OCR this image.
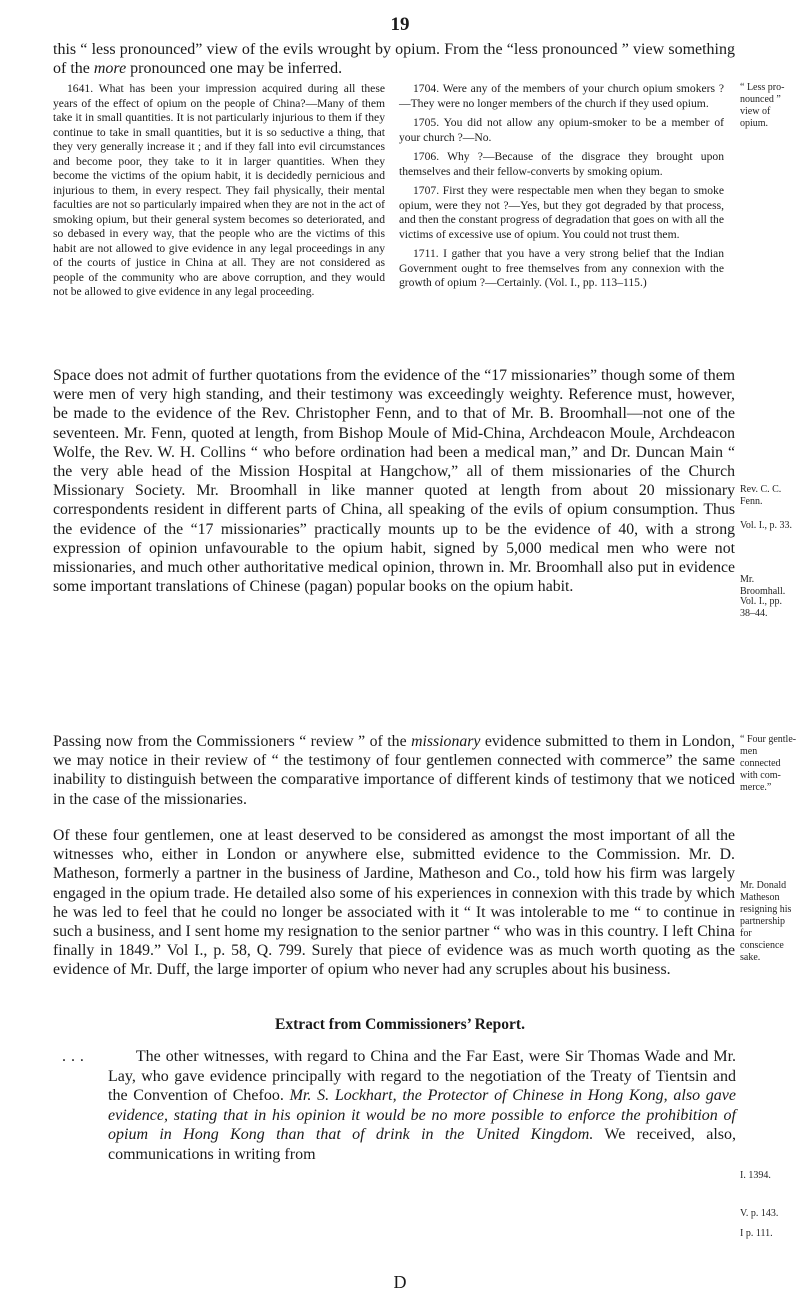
19
this “ less pronounced” view of the evils wrought by opium. From the “less pronounced ” view something of the more pronounced one may be inferred.

1641. What has been your impression acquired during all these years of the effect of opium on the people of China?—Many of them take it in small quantities. It is not particularly injurious to them if they continue to take in small quantities, but it is so seductive a thing, that they very generally increase it ; and if they fall into evil circumstances and become poor, they take to it in larger quantities. When they become the victims of the opium habit, it is decidedly pernicious and injurious to them, in every respect. They fail physically, their mental faculties are not so particularly impaired when they are not in the act of smoking opium, but their general system becomes so deteriorated, and so debased in every way, that the people who are the victims of this habit are not allowed to give evidence in any legal proceedings in any of the courts of justice in China at all. They are not considered as people of the community who are above corruption, and they would not be allowed to give evidence in any legal proceeding.

1704. Were any of the members of your church opium smokers ?—They were no longer members of the church if they used opium.

1705. You did not allow any opium-smoker to be a member of your church ?—No.

1706. Why ?—Because of the disgrace they brought upon themselves and their fellow-converts by smoking opium.

1707. First they were respectable men when they began to smoke opium, were they not ?—Yes, but they got degraded by that process, and then the constant progress of degradation that goes on with all the victims of excessive use of opium. You could not trust them.

1711. I gather that you have a very strong belief that the Indian Government ought to free themselves from any connexion with the growth of opium ?—Certainly. (Vol. I., pp. 113–115.)

“ Less pro-nounced ” view of opium.

Space does not admit of further quotations from the evidence of the “17 missionaries” though some of them were men of very high standing, and their testimony was exceedingly weighty. Reference must, however, be made to the evidence of the Rev. Christopher Fenn, and to that of Mr. B. Broomhall—not one of the seventeen. Mr. Fenn, quoted at length, from Bishop Moule of Mid-China, Archdeacon Moule, Archdeacon Wolfe, the Rev. W. H. Collins “ who before ordination had been a medical man,” and Dr. Duncan Main “ the very able head of the Mission Hospital at Hangchow,” all of them missionaries of the Church Missionary Society. Mr. Broomhall in like manner quoted at length from about 20 missionary correspondents resident in different parts of China, all speaking of the evils of opium consumption. Thus the evidence of the “17 missionaries” practically mounts up to be the evidence of 40, with a strong expression of opinion unfavourable to the opium habit, signed by 5,000 medical men who were not missionaries, and much other authoritative medical opinion, thrown in. Mr. Broomhall also put in evidence some important translations of Chinese (pagan) popular books on the opium habit.

Rev. C. C. Fenn.
Vol. I., p. 33.
Mr. Broomhall.
Vol. I., pp. 38–44.

Passing now from the Commissioners “ review ” of the missionary evidence submitted to them in London, we may notice in their review of “ the testimony of four gentlemen connected with commerce” the same inability to distinguish between the comparative importance of different kinds of testimony that we noticed in the case of the missionaries.

“ Four gentle-men connected with com-merce.”

Of these four gentlemen, one at least deserved to be considered as amongst the most important of all the witnesses who, either in London or anywhere else, submitted evidence to the Commission. Mr. D. Matheson, formerly a partner in the business of Jardine, Matheson and Co., told how his firm was largely engaged in the opium trade. He detailed also some of his experiences in connexion with this trade by which he was led to feel that he could no longer be associated with it “ It was intolerable to me “ to continue in such a business, and I sent home my resignation to the senior partner “ who was in this country. I left China finally in 1849.” Vol I., p. 58, Q. 799. Surely that piece of evidence was as much worth quoting as the evidence of Mr. Duff, the large importer of opium who never had any scruples about his business.

Mr. Donald Matheson resigning his partnership for conscience sake.
Extract from Commissioners’ Report.

. . .	The other witnesses, with regard to China and the Far East, were Sir Thomas Wade and Mr. Lay, who gave evidence principally with regard to the negotiation of the Treaty of Tientsin and the Convention of Chefoo. Mr. S. Lockhart, the Protector of Chinese in Hong Kong, also gave evidence, stating that in his opinion it would be no more possible to enforce the prohibition of opium in Hong Kong than that of drink in the United Kingdom. We received, also, communications in writing from

I. 1394.
V. p. 143.
I p. 111.
D
